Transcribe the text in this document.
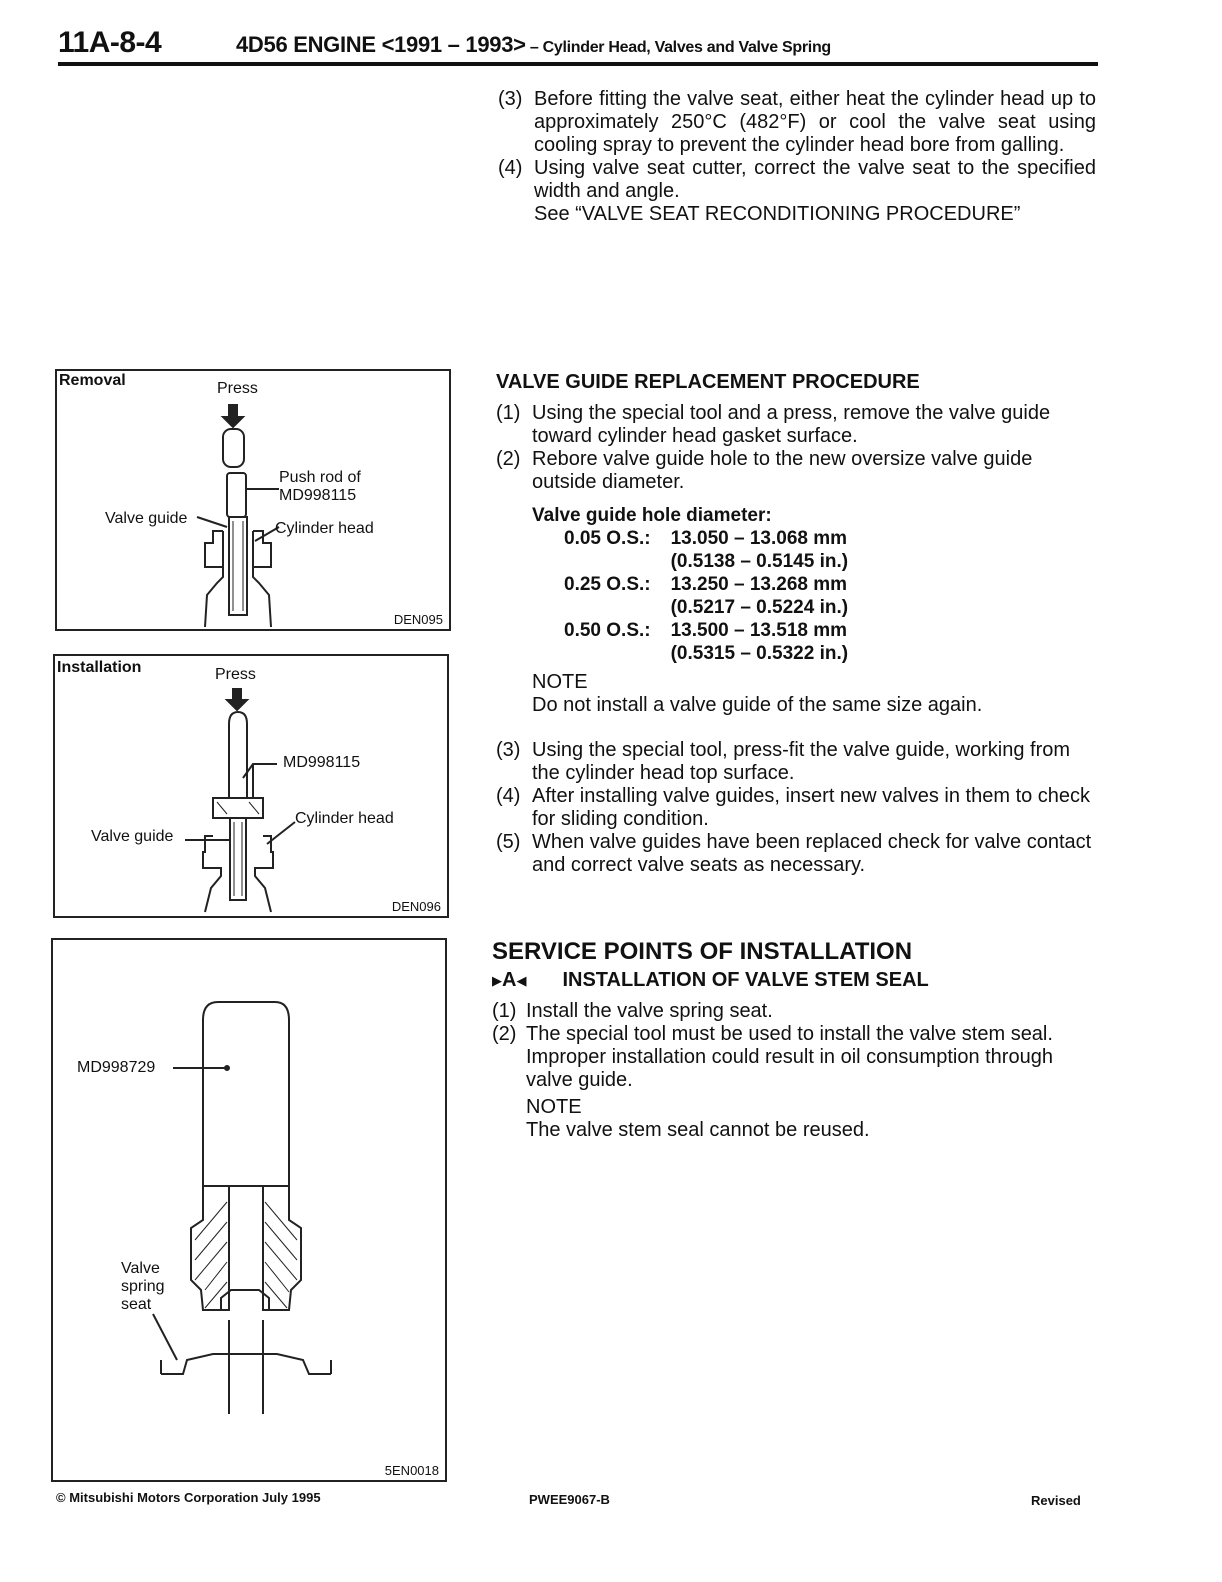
11A-8-4	4D56 ENGINE <1991 – 1993> – Cylinder Head, Valves and Valve Spring
(3) Before fitting the valve seat, either heat the cylinder head up to approximately 250°C (482°F) or cool the valve seat using cooling spray to prevent the cylinder head bore from galling.
(4) Using valve seat cutter, correct the valve seat to the specified width and angle.
See “VALVE SEAT RECONDITIONING PROCEDURE”
VALVE GUIDE REPLACEMENT PROCEDURE
(1) Using the special tool and a press, remove the valve guide toward cylinder head gasket surface.
(2) Rebore valve guide hole to the new oversize valve guide outside diameter.
Valve guide hole diameter:
0.05 O.S.:	13.050 – 13.068 mm
(0.5138 – 0.5145 in.)

0.25 O.S.:	13.250 – 13.268 mm
(0.5217 – 0.5224 in.)

0.50 O.S.:	13.500 – 13.518 mm
(0.5315 – 0.5322 in.)
NOTE
Do not install a valve guide of the same size again.
(3) Using the special tool, press-fit the valve guide, working from the cylinder head top surface.
(4) After installing valve guides, insert new valves in them to check for sliding condition.
(5) When valve guides have been replaced check for valve contact and correct valve seats as necessary.
SERVICE POINTS OF INSTALLATION
▶ A ◀ INSTALLATION OF VALVE STEM SEAL
(1) Install the valve spring seat.
(2) The special tool must be used to install the valve stem seal. Improper installation could result in oil consumption through valve guide.
NOTE
The valve stem seal cannot be reused.
Removal	Press
Push rod of
MD998115
Valve guide
Cylinder head
DEN095
Installation	Press
MD998115
Cylinder head
Valve guide
DEN096
MD998729
Valve
spring
seat
5EN0018
© Mitsubishi Motors Corporation July 1995	PWEE9067-B	Revised
